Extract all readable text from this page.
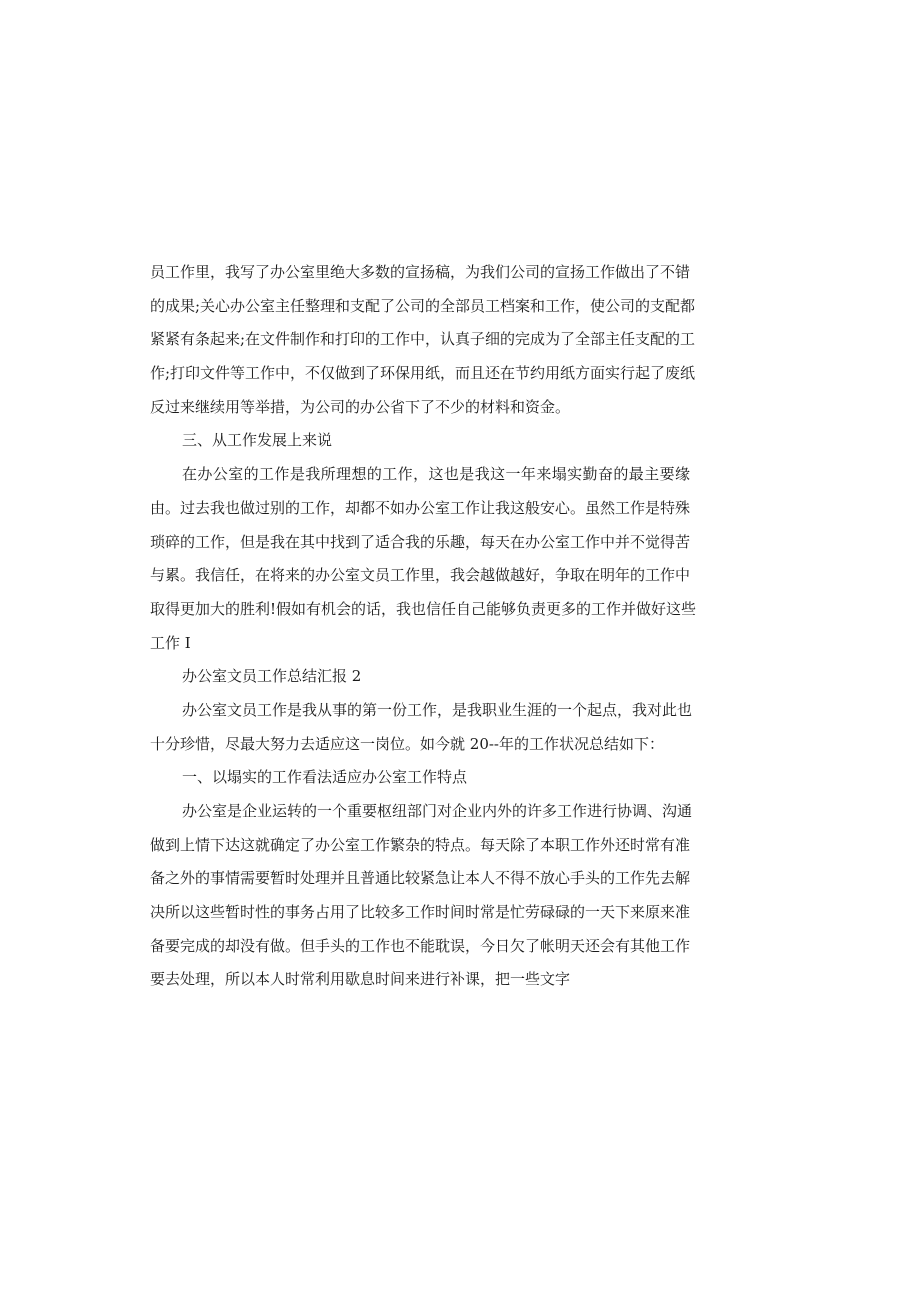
员工作里，我写了办公室里绝大多数的宣扬稿，为我们公司的宣扬工作做出了不错
的成果;关心办公室主任整理和支配了公司的全部员工档案和工作，使公司的支配都
紧紧有条起来;在文件制作和打印的工作中，认真子细的完成为了全部主任支配的工
作;打印文件等工作中，不仅做到了环保用纸，而且还在节约用纸方面实行起了废纸
反过来继续用等举措，为公司的办公省下了不少的材料和资金。
三、从工作发展上来说
在办公室的工作是我所理想的工作，这也是我这一年来塌实勤奋的最主要缘
由。过去我也做过别的工作，却都不如办公室工作让我这般安心。虽然工作是特殊
琐碎的工作，但是我在其中找到了适合我的乐趣，每天在办公室工作中并不觉得苦
与累。我信任，在将来的办公室文员工作里，我会越做越好，争取在明年的工作中
取得更加大的胜利!假如有机会的话，我也信任自己能够负责更多的工作并做好这些
工作 I
办公室文员工作总结汇报 2
办公室文员工作是我从事的第一份工作，是我职业生涯的一个起点，我对此也
十分珍惜，尽最大努力去适应这一岗位。如今就 20--年的工作状况总结如下：
一、以塌实的工作看法适应办公室工作特点
办公室是企业运转的一个重要枢纽部门对企业内外的许多工作进行协调、沟通
做到上情下达这就确定了办公室工作繁杂的特点。每天除了本职工作外还时常有准
备之外的事情需要暂时处理并且普通比较紧急让本人不得不放心手头的工作先去解
决所以这些暂时性的事务占用了比较多工作时间时常是忙劳碌碌的一天下来原来准
备要完成的却没有做。但手头的工作也不能耽误，今日欠了帐明天还会有其他工作
要去处理，所以本人时常利用歇息时间来进行补课，把一些文字
